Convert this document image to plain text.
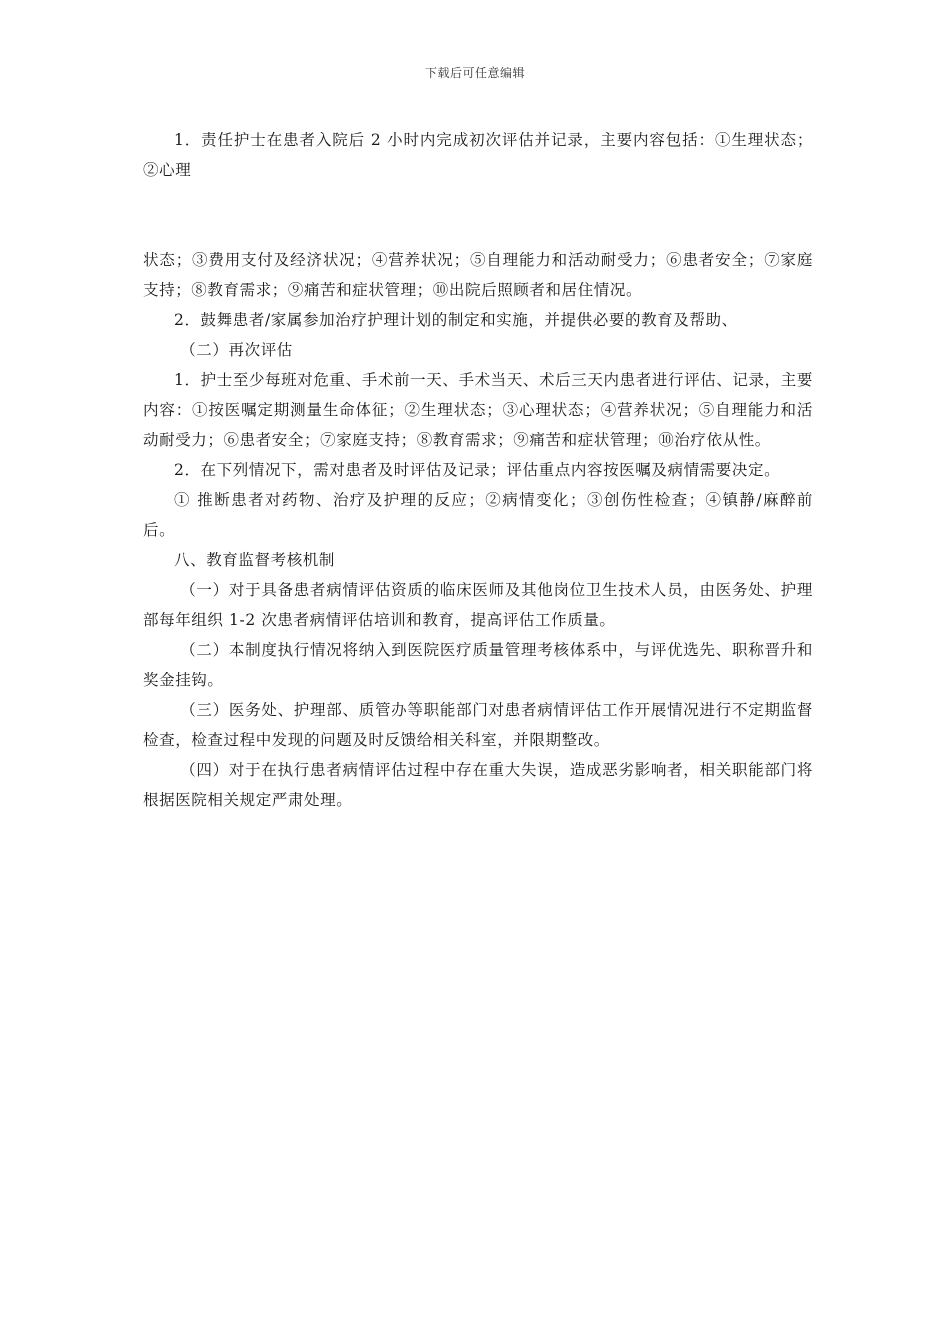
下载后可任意编辑

1．责任护士在患者入院后 2 小时内完成初次评估并记录，主要内容包括：①生理状态；②心理

状态；③费用支付及经济状况；④营养状况；⑤自理能力和活动耐受力；⑥患者安全；⑦家庭支持；⑧教育需求；⑨痛苦和症状管理；⑩出院后照顾者和居住情况。

2．鼓舞患者/家属参加治疗护理计划的制定和实施，并提供必要的教育及帮助、

（二）再次评估

1．护士至少每班对危重、手术前一天、手术当天、术后三天内患者进行评估、记录，主要内容：①按医嘱定期测量生命体征；②生理状态；③心理状态；④营养状况；⑤自理能力和活动耐受力；⑥患者安全；⑦家庭支持；⑧教育需求；⑨痛苦和症状管理；⑩治疗依从性。

2．在下列情况下，需对患者及时评估及记录；评估重点内容按医嘱及病情需要决定。

① 推断患者对药物、治疗及护理的反应；②病情变化；③创伤性检查；④镇静/麻醉前后。

八、教育监督考核机制

（一）对于具备患者病情评估资质的临床医师及其他岗位卫生技术人员，由医务处、护理部每年组织 1-2 次患者病情评估培训和教育，提高评估工作质量。

（二）本制度执行情况将纳入到医院医疗质量管理考核体系中，与评优选先、职称晋升和奖金挂钩。

（三）医务处、护理部、质管办等职能部门对患者病情评估工作开展情况进行不定期监督检查，检查过程中发现的问题及时反馈给相关科室，并限期整改。

（四）对于在执行患者病情评估过程中存在重大失误，造成恶劣影响者，相关职能部门将根据医院相关规定严肃处理。
